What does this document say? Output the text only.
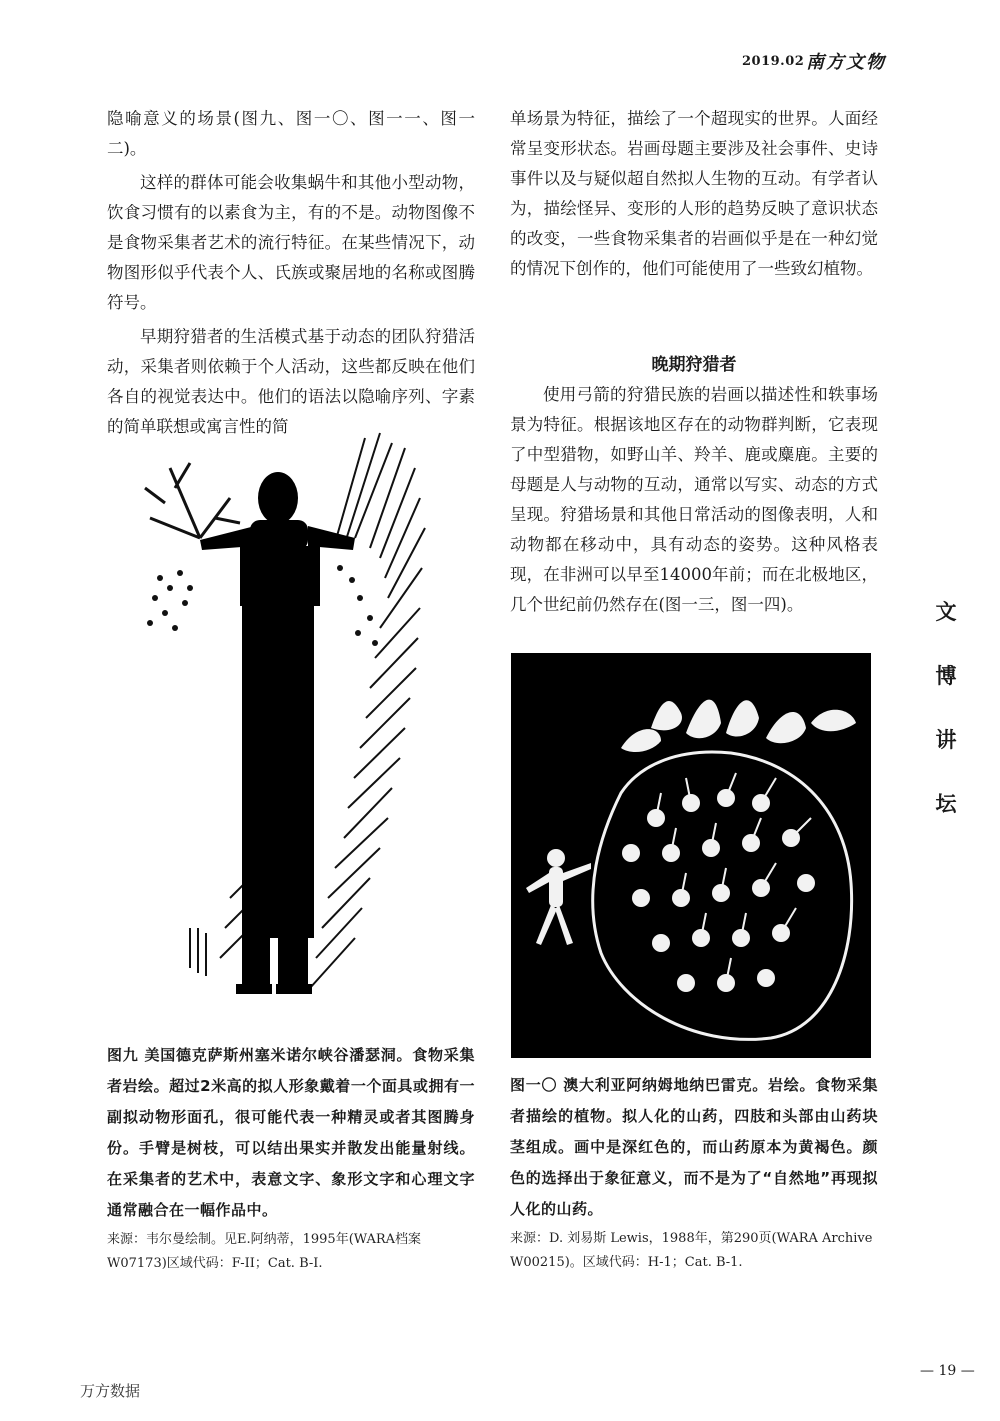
2019.02 南方文物

隐喻意义的场景(图九、图一〇、图一一、图一二)。

这样的群体可能会收集蜗牛和其他小型动物，饮食习惯有的以素食为主，有的不是。动物图像不是食物采集者艺术的流行特征。在某些情况下，动物图形似乎代表个人、氏族或聚居地的名称或图腾符号。

早期狩猎者的生活模式基于动态的团队狩猎活动，采集者则依赖于个人活动，这些都反映在他们各自的视觉表达中。他们的语法以隐喻序列、字素的简单联想或寓言性的简

图九 美国德克萨斯州塞米诺尔峡谷潘瑟洞。食物采集者岩绘。超过2米高的拟人形象戴着一个面具或拥有一副拟动物形面孔，很可能代表一种精灵或者其图腾身份。手臂是树枝，可以结出果实并散发出能量射线。在采集者的艺术中，表意文字、象形文字和心理文字通常融合在一幅作品中。
来源：韦尔曼绘制。见E.阿纳蒂，1995年(WARA档案W07173)区域代码：F-II；Cat. B-I.

单场景为特征，描绘了一个超现实的世界。人面经常呈变形状态。岩画母题主要涉及社会事件、史诗事件以及与疑似超自然拟人生物的互动。有学者认为，描绘怪异、变形的人形的趋势反映了意识状态的改变，一些食物采集者的岩画似乎是在一种幻觉的情况下创作的，他们可能使用了一些致幻植物。

晚期狩猎者

使用弓箭的狩猎民族的岩画以描述性和轶事场景为特征。根据该地区存在的动物群判断，它表现了中型猎物，如野山羊、羚羊、鹿或麋鹿。主要的母题是人与动物的互动，通常以写实、动态的方式呈现。狩猎场景和其他日常活动的图像表明，人和动物都在移动中，具有动态的姿势。这种风格表现，在非洲可以早至14000年前；而在北极地区，几个世纪前仍然存在(图一三，图一四)。

图一〇 澳大利亚阿纳姆地纳巴雷克。岩绘。食物采集者描绘的植物。拟人化的山药，四肢和头部由山药块茎组成。画中是深红色的，而山药原本为黄褐色。颜色的选择出于象征意义，而不是为了“自然地”再现拟人化的山药。
来源：D. 刘易斯 Lewis，1988年，第290页(WARA Archive W00215)。区域代码：H-1；Cat. B-1.
文
博
讲
坛
— 19 —
万方数据
